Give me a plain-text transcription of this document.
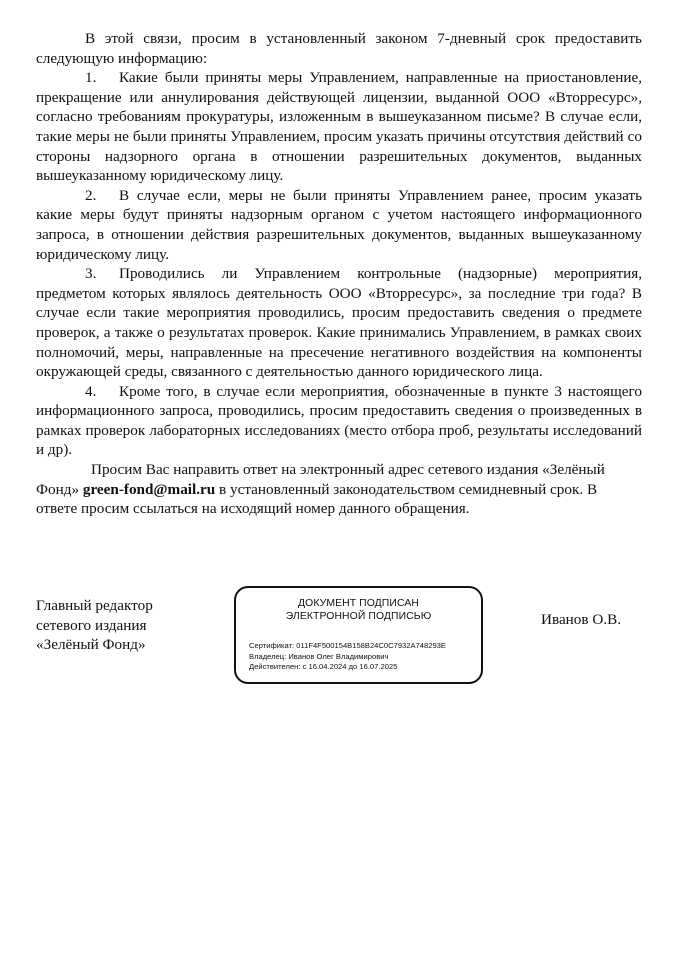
В этой связи, просим в установленный законом 7-дневный срок предоставить следующую информацию:

1. Какие были приняты меры Управлением, направленные на приостановление, прекращение или аннулирования действующей лицензии, выданной ООО «Вторресурс», согласно требованиям прокуратуры, изложенным в вышеуказанном письме? В случае если, такие меры не были приняты Управлением, просим указать причины отсутствия действий со стороны надзорного органа в отношении разрешительных документов, выданных вышеуказанному юридическому лицу.

2. В случае если, меры не были приняты Управлением ранее, просим указать какие меры будут приняты надзорным органом с учетом настоящего информационного запроса, в отношении действия разрешительных документов, выданных вышеуказанному юридическому лицу.

3. Проводились ли Управлением контрольные (надзорные) мероприятия, предметом которых являлось деятельность ООО «Вторресурс», за последние три года? В случае если такие мероприятия проводились, просим предоставить сведения о предмете проверок, а также о результатах проверок. Какие принимались Управлением, в рамках своих полномочий, меры, направленные на пресечение негативного воздействия на компоненты окружающей среды, связанного с деятельностью данного юридического лица.

4. Кроме того, в случае если мероприятия, обозначенные в пункте 3 настоящего информационного запроса, проводились, просим предоставить сведения о произведенных в рамках проверок лабораторных исследованиях (место отбора проб, результаты исследований и др).

Просим Вас направить ответ на электронный адрес сетевого издания «Зелёный Фонд» green-fond@mail.ru в установленный законодательством семидневный срок. В ответе просим ссылаться на исходящий номер данного обращения.

Главный редактор
сетевого издания
«Зелёный Фонд»
ДОКУМЕНТ ПОДПИСАН
ЭЛЕКТРОННОЙ ПОДПИСЬЮ
Сертификат: 011F4F500154B158B24C0C7932A748293E
Владелец: Иванов Олег Владимирович
Действителен: с 16.04.2024 до 16.07.2025
Иванов О.В.
